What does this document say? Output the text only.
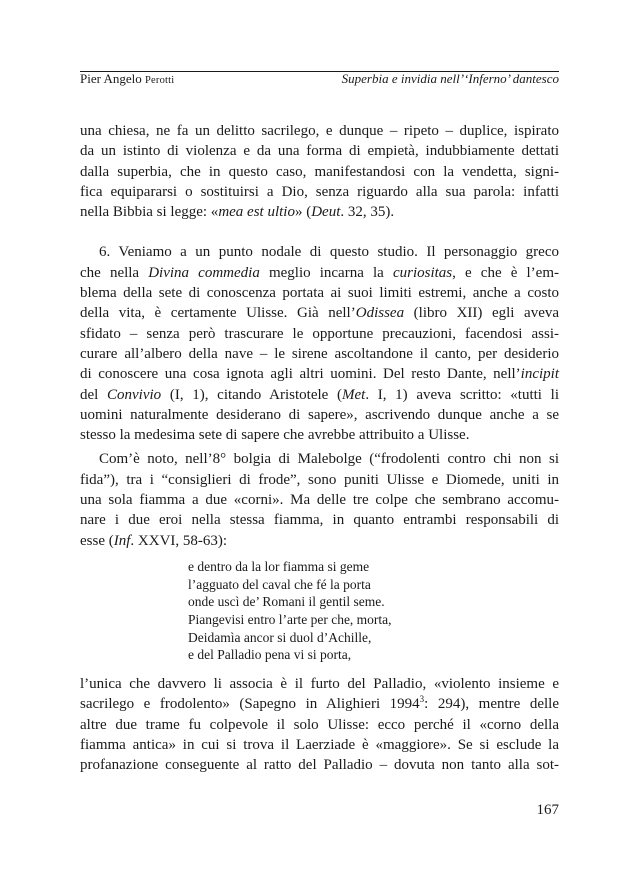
Pier Angelo Perotti	Superbia e invidia nell’‘Inferno’ dantesco
una chiesa, ne fa un delitto sacrilego, e dunque – ripeto – duplice, ispirato
da un istinto di violenza e da una forma di empietà, indubbiamente dettati
dalla superbia, che in questo caso, manifestandosi con la vendetta, signi-
fica equipararsi o sostituirsi a Dio, senza riguardo alla sua parola: infatti
nella Bibbia si legge: «mea est ultio» (Deut. 32, 35).
6. Veniamo a un punto nodale di questo studio. Il personaggio greco
che nella Divina commedia meglio incarna la curiositas, e che è l’em-
blema della sete di conoscenza portata ai suoi limiti estremi, anche a costo
della vita, è certamente Ulisse. Già nell’Odissea (libro XII) egli aveva
sfidato – senza però trascurare le opportune precauzioni, facendosi assi-
curare all’albero della nave – le sirene ascoltandone il canto, per desiderio
di conoscere una cosa ignota agli altri uomini. Del resto Dante, nell’incipit
del Convivio (I, 1), citando Aristotele (Met. I, 1) aveva scritto: «tutti li
uomini naturalmente desiderano di sapere», ascrivendo dunque anche a se
stesso la medesima sete di sapere che avrebbe attribuito a Ulisse.
Com’è noto, nell’8° bolgia di Malebolge (“frodolenti contro chi non si
fida”), tra i “consiglieri di frode”, sono puniti Ulisse e Diomede, uniti in
una sola fiamma a due «corni». Ma delle tre colpe che sembrano accomu-
nare i due eroi nella stessa fiamma, in quanto entrambi responsabili di
esse (Inf. XXVI, 58-63):
e dentro da la lor fiamma si geme
l’agguato del caval che fé la porta
onde uscì de’ Romani il gentil seme.
Piangevisi entro l’arte per che, morta,
Deidamìa ancor si duol d’Achille,
e del Palladio pena vi si porta,
l’unica che davvero li associa è il furto del Palladio, «violento insieme e
sacrilego e frodolento» (Sapegno in Alighieri 1994$^3$: 294), mentre delle
altre due trame fu colpevole il solo Ulisse: ecco perché il «corno della
fiamma antica» in cui si trova il Laerziade è «maggiore». Se si esclude la
profanazione conseguente al ratto del Palladio – dovuta non tanto alla sot-
167
